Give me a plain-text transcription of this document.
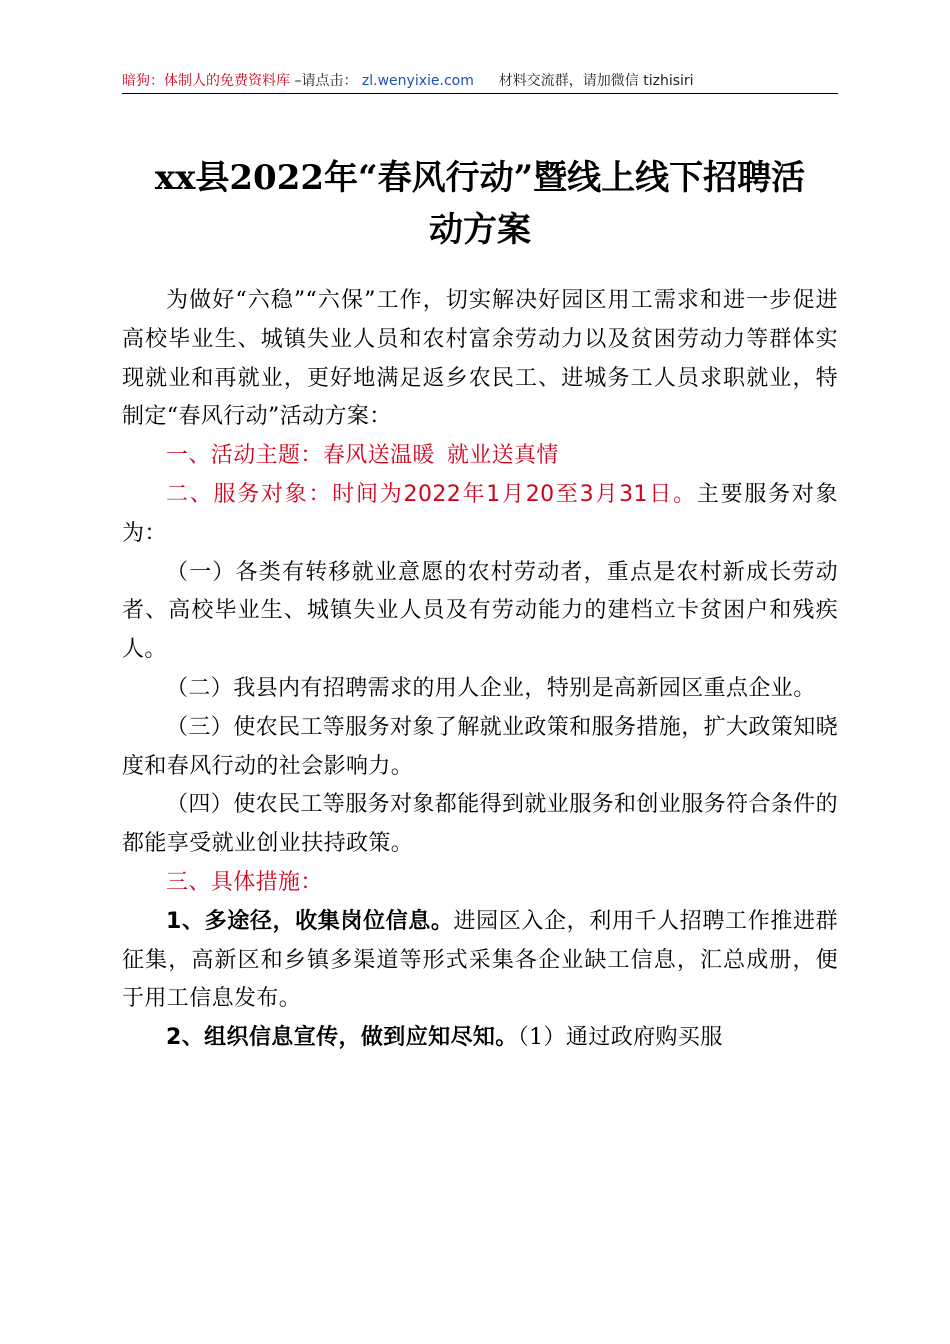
暗狗：体制人的免费资料库 –请点击： zl.wenyixie.com 材料交流群，请加微信 tizhisiri
xx县2022年“春风行动”暨线上线下招聘活
动方案

为做好“六稳”“六保”工作，切实解决好园区用工需求和进一步促进高校毕业生、城镇失业人员和农村富余劳动力以及贫困劳动力等群体实现就业和再就业，更好地满足返乡农民工、进城务工人员求职就业，特制定“春风行动”活动方案：

一、活动主题：春风送温暖 就业送真情

二、服务对象：时间为2022年1月20至3月31日。主要服务对象为：

（一）各类有转移就业意愿的农村劳动者，重点是农村新成长劳动者、高校毕业生、城镇失业人员及有劳动能力的建档立卡贫困户和残疾人。

（二）我县内有招聘需求的用人企业，特别是高新园区重点企业。

（三）使农民工等服务对象了解就业政策和服务措施，扩大政策知晓度和春风行动的社会影响力。

（四）使农民工等服务对象都能得到就业服务和创业服务符合条件的都能享受就业创业扶持政策。

三、具体措施：

1、多途径，收集岗位信息。进园区入企，利用千人招聘工作推进群征集，高新区和乡镇多渠道等形式采集各企业缺工信息，汇总成册，便于用工信息发布。

2、组织信息宣传，做到应知尽知。（1）通过政府购买服
